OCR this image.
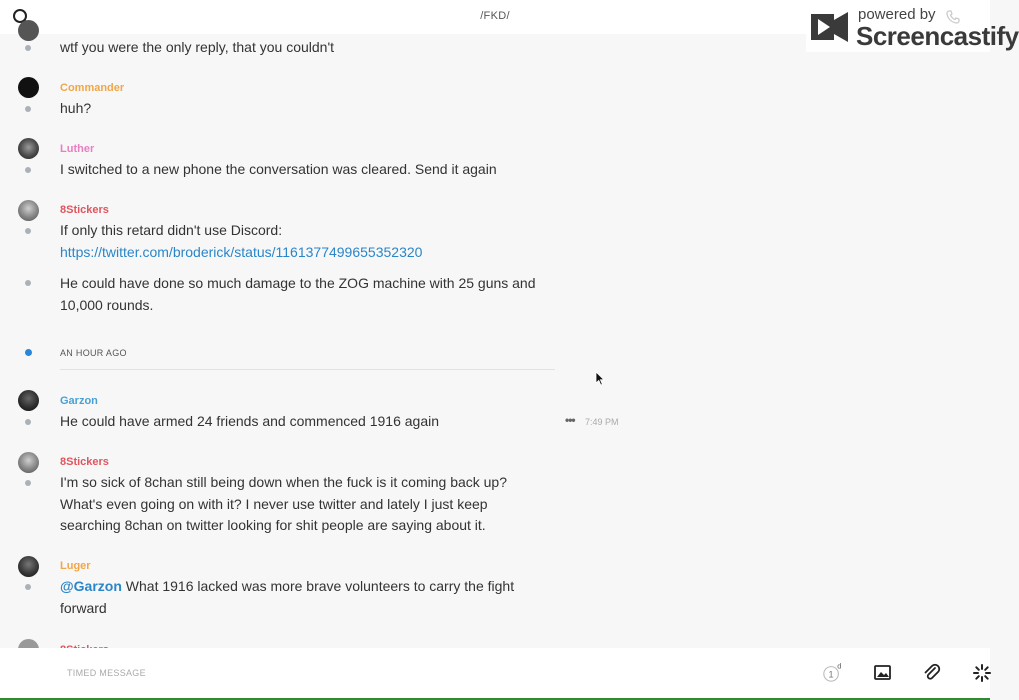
/FKD/
wtf you were the only reply, that you couldn't
Commander
huh?
Luther
I switched to a new phone the conversation was cleared. Send it again
8Stickers
If only this retard didn't use Discord:
https://twitter.com/broderick/status/1161377499655352320
He could have done so much damage to the ZOG machine with 25 guns and 10,000 rounds.
AN HOUR AGO
Garzon
He could have armed 24 friends and commenced 1916 again	••• 7:49 PM
8Stickers
I'm so sick of 8chan still being down when the fuck is it coming back up? What's even going on with it? I never use twitter and lately I just keep searching 8chan on twitter looking for shit people are saying about it.
Luger
@Garzon What 1916 lacked was more brave volunteers to carry the fight forward
powered by
Screencastify
TIMED MESSAGE	1
d
